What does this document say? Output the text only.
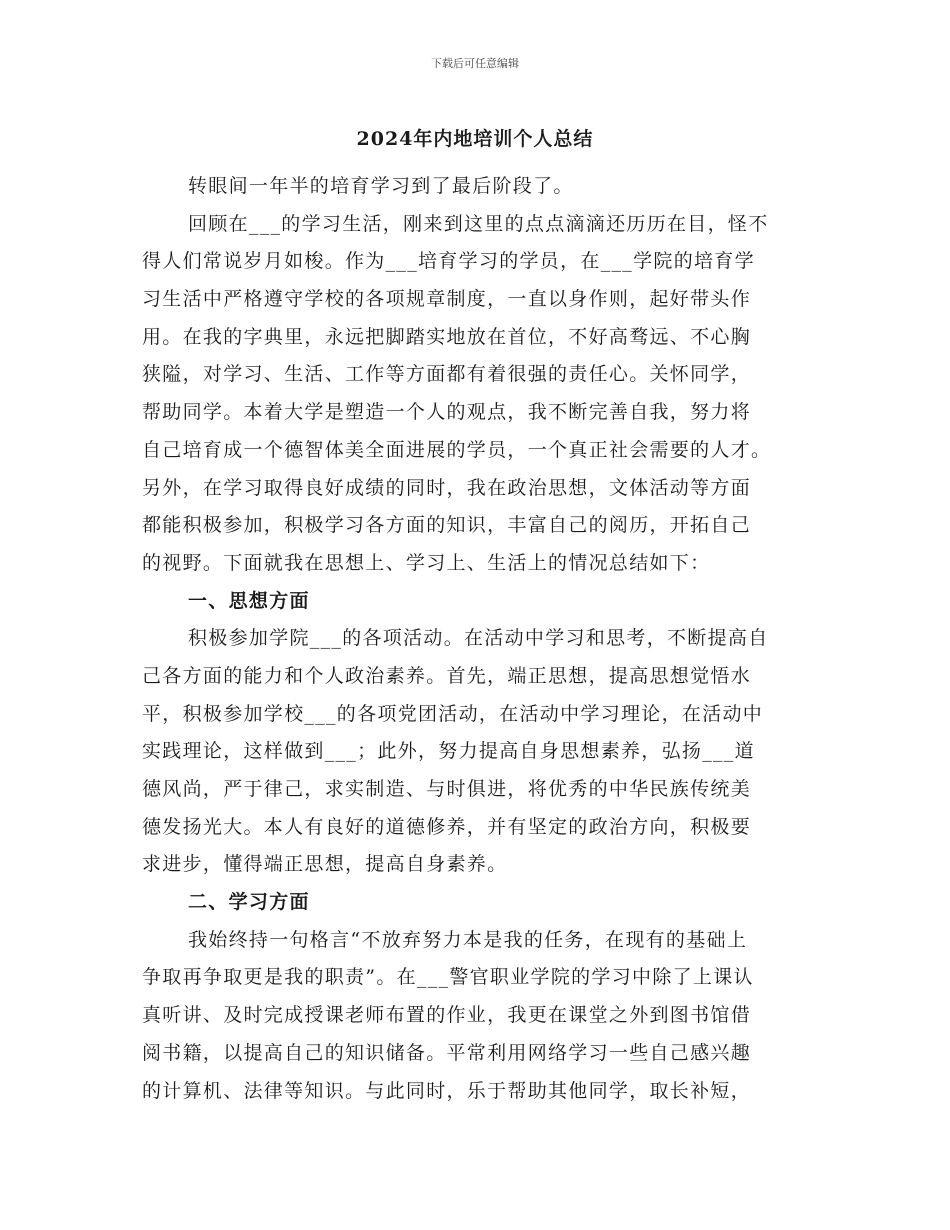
下载后可任意编辑
2024年内地培训个人总结
转眼间一年半的培育学习到了最后阶段了。
回顾在___的学习生活，刚来到这里的点点滴滴还历历在目，怪不
得人们常说岁月如梭。作为___培育学习的学员，在___学院的培育学
习生活中严格遵守学校的各项规章制度，一直以身作则，起好带头作
用。在我的字典里，永远把脚踏实地放在首位，不好高骛远、不心胸
狭隘，对学习、生活、工作等方面都有着很强的责任心。关怀同学，
帮助同学。本着大学是塑造一个人的观点，我不断完善自我，努力将
自己培育成一个德智体美全面进展的学员，一个真正社会需要的人才。
另外，在学习取得良好成绩的同时，我在政治思想，文体活动等方面
都能积极参加，积极学习各方面的知识，丰富自己的阅历，开拓自己
的视野。下面就我在思想上、学习上、生活上的情况总结如下：
一、思想方面
积极参加学院___的各项活动。在活动中学习和思考，不断提高自
己各方面的能力和个人政治素养。首先，端正思想，提高思想觉悟水
平，积极参加学校___的各项党团活动，在活动中学习理论，在活动中
实践理论，这样做到___；此外，努力提高自身思想素养，弘扬___道
德风尚，严于律己，求实制造、与时俱进，将优秀的中华民族传统美
德发扬光大。本人有良好的道德修养，并有坚定的政治方向，积极要
求进步，懂得端正思想，提高自身素养。
二、学习方面
我始终持一句格言“不放弃努力本是我的任务，在现有的基础上
争取再争取更是我的职责”。在___警官职业学院的学习中除了上课认
真听讲、及时完成授课老师布置的作业，我更在课堂之外到图书馆借
阅书籍，以提高自己的知识储备。平常利用网络学习一些自己感兴趣
的计算机、法律等知识。与此同时，乐于帮助其他同学，取长补短，
